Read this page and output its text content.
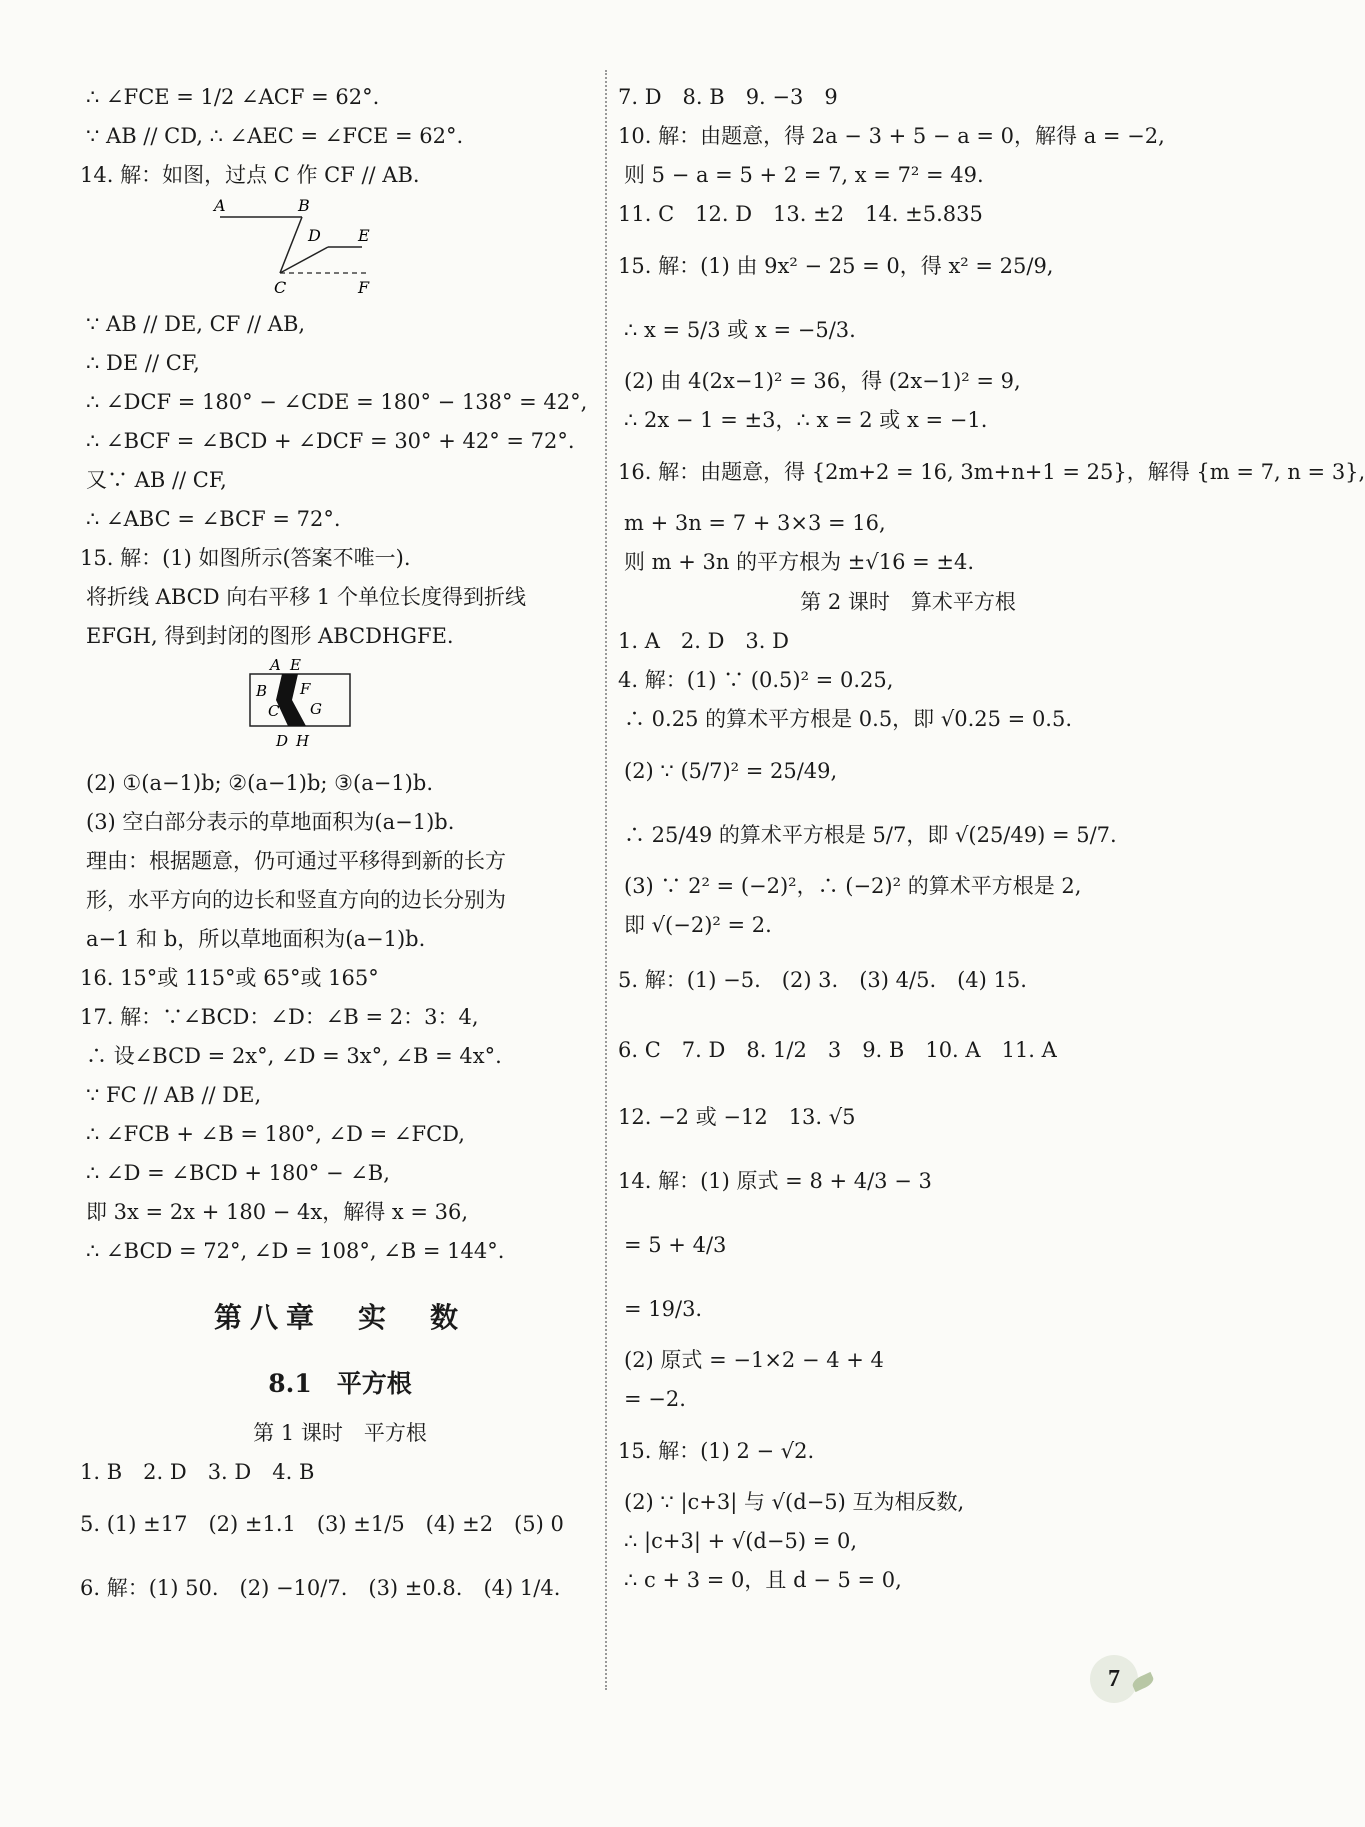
∴ ∠FCE = 1/2 ∠ACF = 62°.
∵ AB // CD, ∴ ∠AEC = ∠FCE = 62°.
14. 解：如图，过点 C 作 CF // AB.
A	B
D E
C	F
∵ AB // DE, CF // AB,
∴ DE // CF,
∴ ∠DCF = 180° − ∠CDE = 180° − 138° = 42°,
∴ ∠BCF = ∠BCD + ∠DCF = 30° + 42° = 72°.
又∵ AB // CF,
∴ ∠ABC = ∠BCF = 72°.
15. 解：(1) 如图所示(答案不唯一).
将折线 ABCD 向右平移 1 个单位长度得到折线
EFGH, 得到封闭的图形 ABCDHGFE.
A E
B F
C G
D H
(2) ①(a−1)b; ②(a−1)b; ③(a−1)b.
(3) 空白部分表示的草地面积为(a−1)b.
理由：根据题意，仍可通过平移得到新的长方
形，水平方向的边长和竖直方向的边长分别为
a−1 和 b，所以草地面积为(a−1)b.
16. 15°或 115°或 65°或 165°
17. 解：∵∠BCD：∠D：∠B = 2：3：4,
∴ 设∠BCD = 2x°, ∠D = 3x°, ∠B = 4x°.
∵ FC // AB // DE,
∴ ∠FCB + ∠B = 180°, ∠D = ∠FCD,
∴ ∠D = ∠BCD + 180° − ∠B,
即 3x = 2x + 180 − 4x，解得 x = 36,
∴ ∠BCD = 72°, ∠D = 108°, ∠B = 144°.
第八章　实　数
8.1　平方根
第 1 课时　平方根
1. B　2. D　3. D　4. B
5. (1) ±17　(2) ±1.1　(3) ±1/5　(4) ±2　(5) 0
6. 解：(1) 50.　(2) −10/7.　(3) ±0.8.　(4) 1/4.
7. D　8. B　9. −3　9
10. 解：由题意，得 2a − 3 + 5 − a = 0，解得 a = −2,
则 5 − a = 5 + 2 = 7, x = 7² = 49.
11. C　12. D　13. ±2　14. ±5.835
15. 解：(1) 由 9x² − 25 = 0，得 x² = 25/9,
∴ x = 5/3 或 x = −5/3.
(2) 由 4(2x−1)² = 36，得 (2x−1)² = 9,
∴ 2x − 1 = ±3，∴ x = 2 或 x = −1.
16. 解：由题意，得 {2m+2 = 16, 3m+n+1 = 25}，解得 {m = 7, n = 3},
m + 3n = 7 + 3×3 = 16,
则 m + 3n 的平方根为 ±√16 = ±4.
第 2 课时　算术平方根
1. A　2. D　3. D
4. 解：(1) ∵ (0.5)² = 0.25,
∴ 0.25 的算术平方根是 0.5，即 √0.25 = 0.5.
(2) ∵ (5/7)² = 25/49,
∴ 25/49 的算术平方根是 5/7，即 √(25/49) = 5/7.
(3) ∵ 2² = (−2)²，∴ (−2)² 的算术平方根是 2,
即 √(−2)² = 2.
5. 解：(1) −5.　(2) 3.　(3) 4/5.　(4) 15.
6. C　7. D　8. 1/2　3　9. B　10. A　11. A
12. −2 或 −12　13. √5
14. 解：(1) 原式 = 8 + 4/3 − 3
= 5 + 4/3
= 19/3.
(2) 原式 = −1×2 − 4 + 4
= −2.
15. 解：(1) 2 − √2.
(2) ∵ |c+3| 与 √(d−5) 互为相反数,
∴ |c+3| + √(d−5) = 0,
∴ c + 3 = 0，且 d − 5 = 0,
7
